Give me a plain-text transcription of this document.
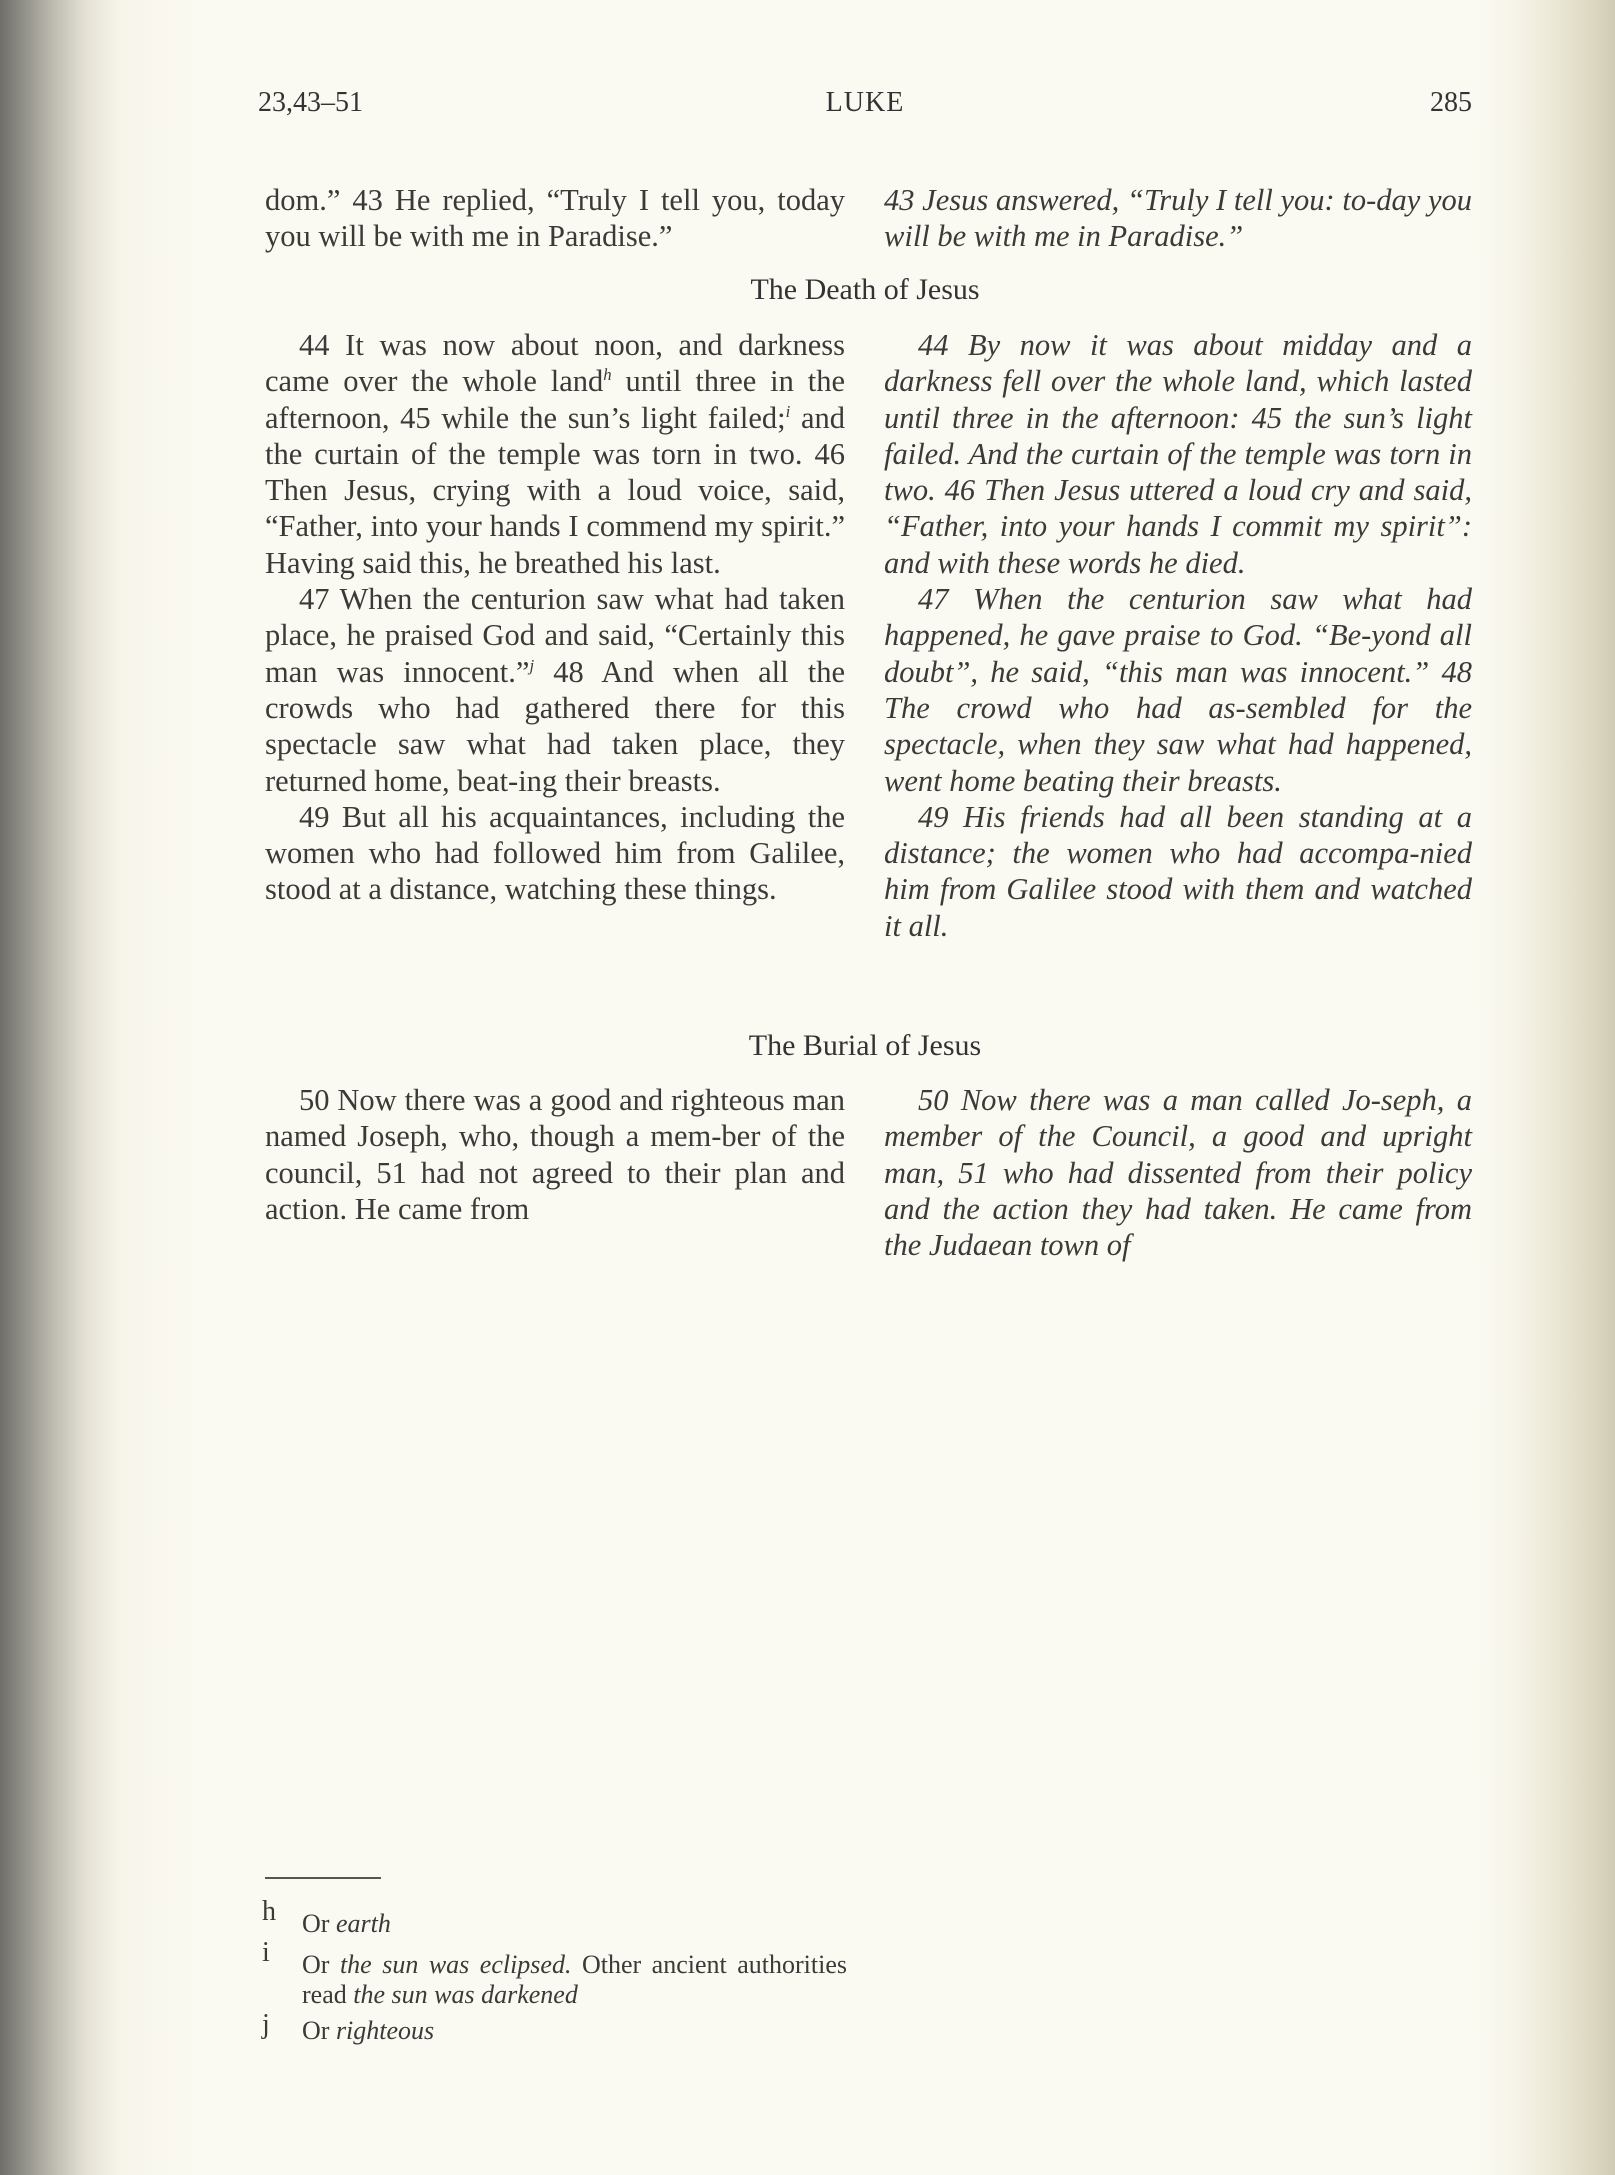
23,43–51	LUKE	285

dom.” 43 He replied, “Truly I tell you, today you will be with me in Paradise.”

43 Jesus answered, “Truly I tell you: to-day you will be with me in Paradise.”

The Death of Jesus

44 It was now about noon, and darkness came over the whole land$^h$ until three in the afternoon, 45 while the sun’s light failed;$^i$ and the curtain of the temple was torn in two. 46 Then Jesus, crying with a loud voice, said, “Father, into your hands I commend my spirit.” Having said this, he breathed his last.

47 When the centurion saw what had taken place, he praised God and said, “Certainly this man was innocent.”$^j$ 48 And when all the crowds who had gathered there for this spectacle saw what had taken place, they returned home, beat-ing their breasts.

49 But all his acquaintances, including the women who had followed him from Galilee, stood at a distance, watching these things.

44 By now it was about midday and a darkness fell over the whole land, which lasted until three in the afternoon: 45 the sun’s light failed. And the curtain of the temple was torn in two. 46 Then Jesus uttered a loud cry and said, “Father, into your hands I commit my spirit”: and with these words he died.

47 When the centurion saw what had happened, he gave praise to God. “Be-yond all doubt”, he said, “this man was innocent.” 48 The crowd who had as-sembled for the spectacle, when they saw what had happened, went home beating their breasts.

49 His friends had all been standing at a distance; the women who had accompa-nied him from Galilee stood with them and watched it all.

The Burial of Jesus

50 Now there was a good and righteous man named Joseph, who, though a mem-ber of the council, 51 had not agreed to their plan and action. He came from

50 Now there was a man called Jo-seph, a member of the Council, a good and upright man, 51 who had dissented from their policy and the action they had taken. He came from the Judaean town of

h Or earth
i	Or the sun was eclipsed. Other ancient authorities read the sun was darkened
j	Or righteous
